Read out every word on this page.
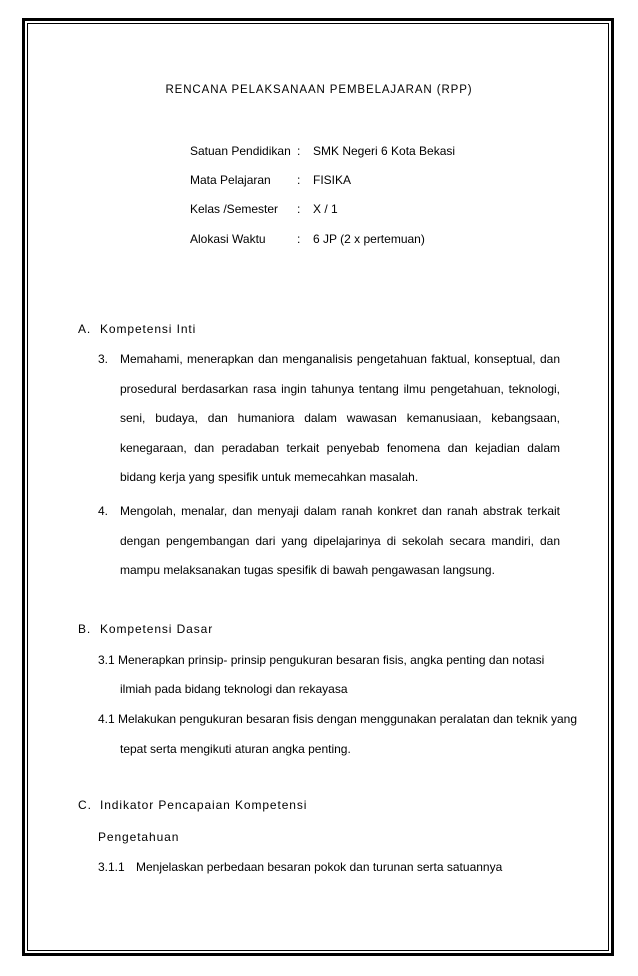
RENCANA PELAKSANAAN PEMBELAJARAN (RPP)
Satuan Pendidikan : SMK Negeri 6 Kota Bekasi
Mata Pelajaran	: FISIKA
Kelas /Semester	: X / 1
Alokasi Waktu	: 6 JP (2 x pertemuan)
A. Kompetensi Inti
3. Memahami, menerapkan dan menganalisis pengetahuan faktual, konseptual, dan prosedural berdasarkan rasa ingin tahunya tentang ilmu pengetahuan, teknologi, seni, budaya, dan humaniora dalam wawasan kemanusiaan, kebangsaan, kenegaraan, dan peradaban terkait penyebab fenomena dan kejadian dalam bidang kerja yang spesifik untuk memecahkan masalah.
4. Mengolah, menalar, dan menyaji dalam ranah konkret dan ranah abstrak terkait dengan pengembangan dari yang dipelajarinya di sekolah secara mandiri, dan mampu melaksanakan tugas spesifik di bawah pengawasan langsung.
B. Kompetensi Dasar
3.1 Menerapkan prinsip- prinsip pengukuran besaran fisis, angka penting dan notasi
ilmiah pada bidang teknologi dan rekayasa
4.1 Melakukan pengukuran besaran fisis dengan menggunakan peralatan dan teknik yang
tepat serta mengikuti aturan angka penting.
C. Indikator Pencapaian Kompetensi
Pengetahuan
3.1.1 Menjelaskan perbedaan besaran pokok dan turunan serta satuannya
